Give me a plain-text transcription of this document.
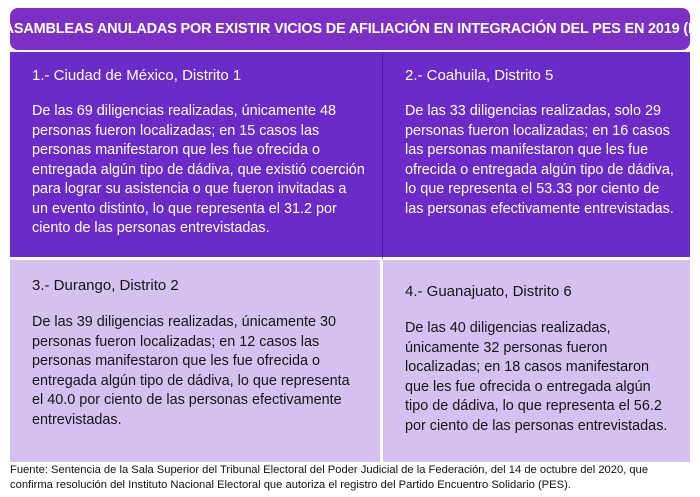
ASAMBLEAS ANULADAS POR EXISTIR VICIOS DE AFILIACIÓN EN INTEGRACIÓN DEL PES EN 2019 (I)
1.- Ciudad de México, Distrito 1
De las 69 diligencias realizadas, únicamente 48 personas fueron localizadas; en 15 casos las personas manifestaron que les fue ofrecida o entregada algún tipo de dádiva, que existió coerción para lograr su asistencia o que fueron invitadas a un evento distinto, lo que representa el 31.2 por ciento de las personas entrevistadas.
2.- Coahuila, Distrito 5
De las 33 diligencias realizadas, solo 29 personas fueron localizadas; en 16 casos las personas manifestaron que les fue ofrecida o entregada algún tipo de dádiva, lo que representa el 53.33 por ciento de las personas efectivamente entrevistadas.
3.- Durango, Distrito 2
De las 39 diligencias realizadas, únicamente 30 personas fueron localizadas; en 12 casos las personas manifestaron que les fue ofrecida o entregada algún tipo de dádiva, lo que representa el 40.0 por ciento de las personas efectivamente entrevistadas.
4.- Guanajuato, Distrito 6
De las 40 diligencias realizadas, únicamente 32 personas fueron localizadas; en 18 casos manifestaron que les fue ofrecida o entregada algún tipo de dádiva, lo que representa el 56.2 por ciento de las personas entrevistadas.
Fuente: Sentencia de la Sala Superior del Tribunal Electoral del Poder Judicial de la Federación, del 14 de octubre del 2020, que confirma resolución del Instituto Nacional Electoral que autoriza el registro del Partido Encuentro Solidario (PES).
